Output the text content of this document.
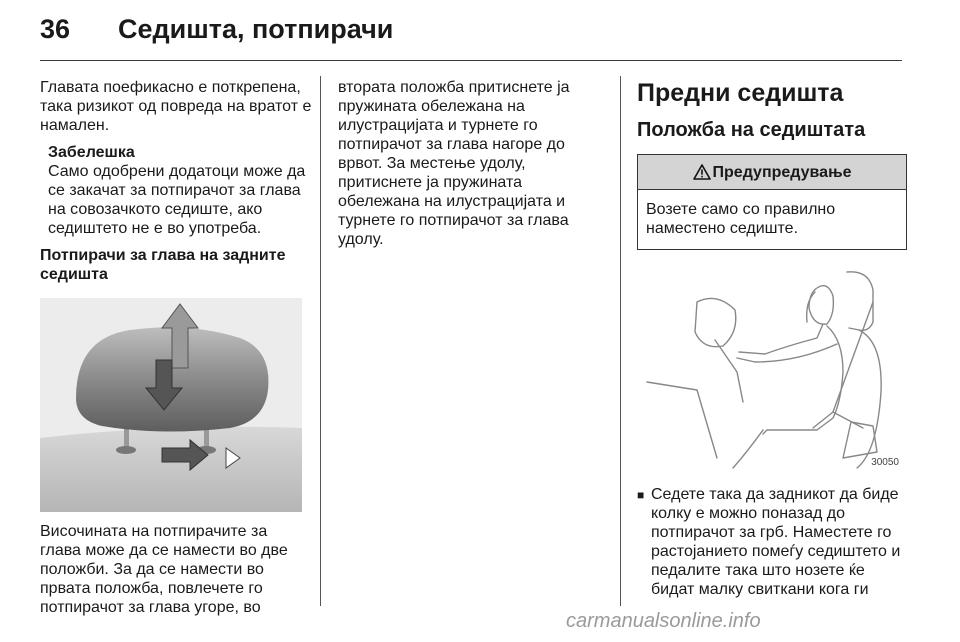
36 Седишта, потпирачи

Главата поефикасно е поткрепена, така ризикот од повреда на вратот е намален.

Забелешка
Само одобрени додатоци може да се закачат за потпирачот за глава на совозачкото седиште, ако седиштето не е во употреба.
Потпирачи за глава на задните седишта

Височината на потпирачите за глава може да се намести во две положби. За да се намести во првата положба, повлечете го потпирачот за глава угоре, во

втората положба притиснете ја пружината обележана на илустрацијата и турнете го потпирачот за глава нагоре до врвот. За местење удолу, притиснете ја пружината обележана на илустрацијата и турнете го потпирачот за глава удолу.

Предни седишта
Положба на седиштата
Предупредување
Возете само со правилно наместено седиште.
30050
■ Седете така да задникот да биде колку е можно поназад до потпирачот за грб. Наместете го растојанието помеѓу седиштето и педалите така што нозете ќе бидат малку свиткани кога ги
carmanualsonline.info
